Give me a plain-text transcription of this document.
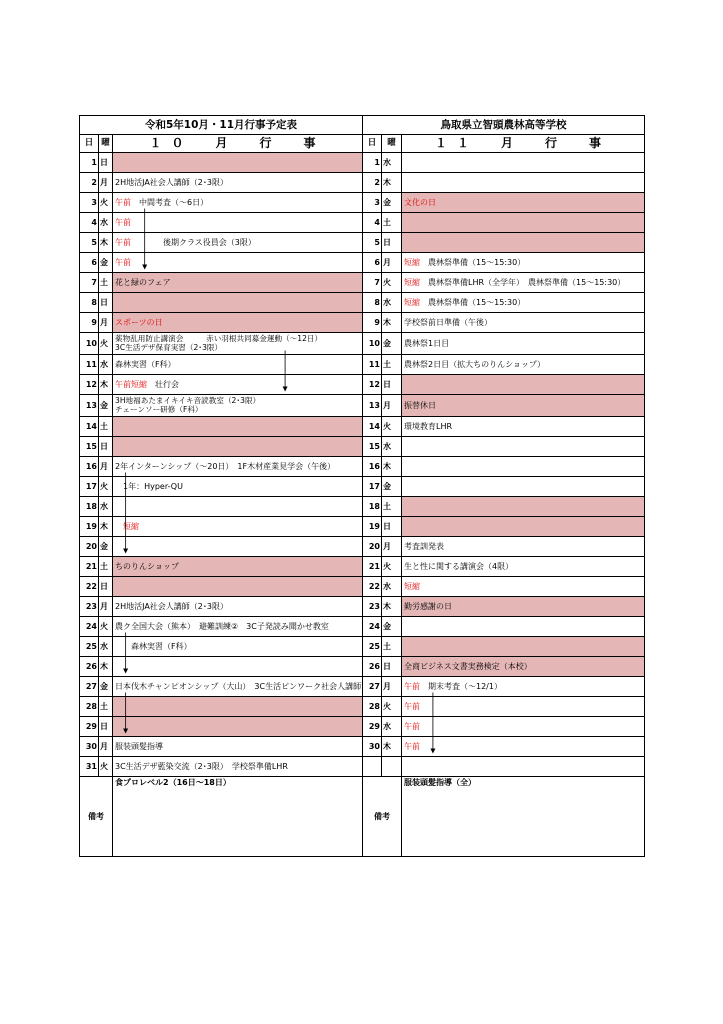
令和5年10月・11月行事予定表			鳥取県立智頭農林高等学校		
日	曜	１０　月　行　事	日	曜	１１　月　行　事
1	日		1	水	
2	月	2H地活JA社会人講師（2･3限）	2	木	
3	火	午前　中間考査（～6日）	3	金	文化の日
4	水	午前	4	土	
5	木	午前　　　　後期クラス役員会（3限）	5	日	
6	金	午前	6	月	短縮　農林祭準備（15～15:30）
7	土	花と緑のフェア	7	火	短縮　農林祭準備LHR（全学年）　農林祭準備（15～15:30）
8	日		8	水	短縮　農林祭準備（15～15:30）
9	月	スポーツの日	9	木	学校祭前日準備（午後）
10	火	薬物乱用防止講演会　　　赤い羽根共同募金運動（～12日）
3C生活デザ保育実習（2･3限）	10	金	農林祭1日目
11	水	森林実習（F科）	11	土	農林祭2日目（拡大ちのりんショップ）
12	木	午前短縮　壮行会	12	日	
13	金	3H地福あたまイキイキ音読教室（2･3限）
チェーンソー研修（F科）	13	月	振替休日
14	土		14	火	環境教育LHR
15	日		15	水	
16	月	2年インターンシップ（～20日）　1F木材産業見学会（午後）	16	木	
17	火	　1年：Hyper-QU	17	金	
18	水		18	土	
19	木	　短縮	19	日	
20	金		20	月	考査訓発表
21	土	ちのりんショップ	21	火	生と性に関する講演会（4限）
22	日		22	水	短縮
23	月	2H地活JA社会人講師（2･3限）	23	木	勤労感謝の日
24	火	農ク全国大会（熊本）　避難訓練②　3C子発読み聞かせ教室	24	金	
25	水	　　森林実習（F科）	25	土	
26	木		26	日	全商ビジネス文書実務検定（本校）
27	金	日本伐木チャンピオンシップ（大山）　3C生活ピンワーク社会人講師	27	月	午前　期末考査（～12/1）
28	土		28	火	午前
29	日		29	水	午前
30	月	服装頭髪指導	30	木	午前
31	火	3C生活デザ藍染交流（2･3限）　学校祭準備LHR			
備考		食プロレベル2（16日～18日）	備考		服装頭髪指導（全）
